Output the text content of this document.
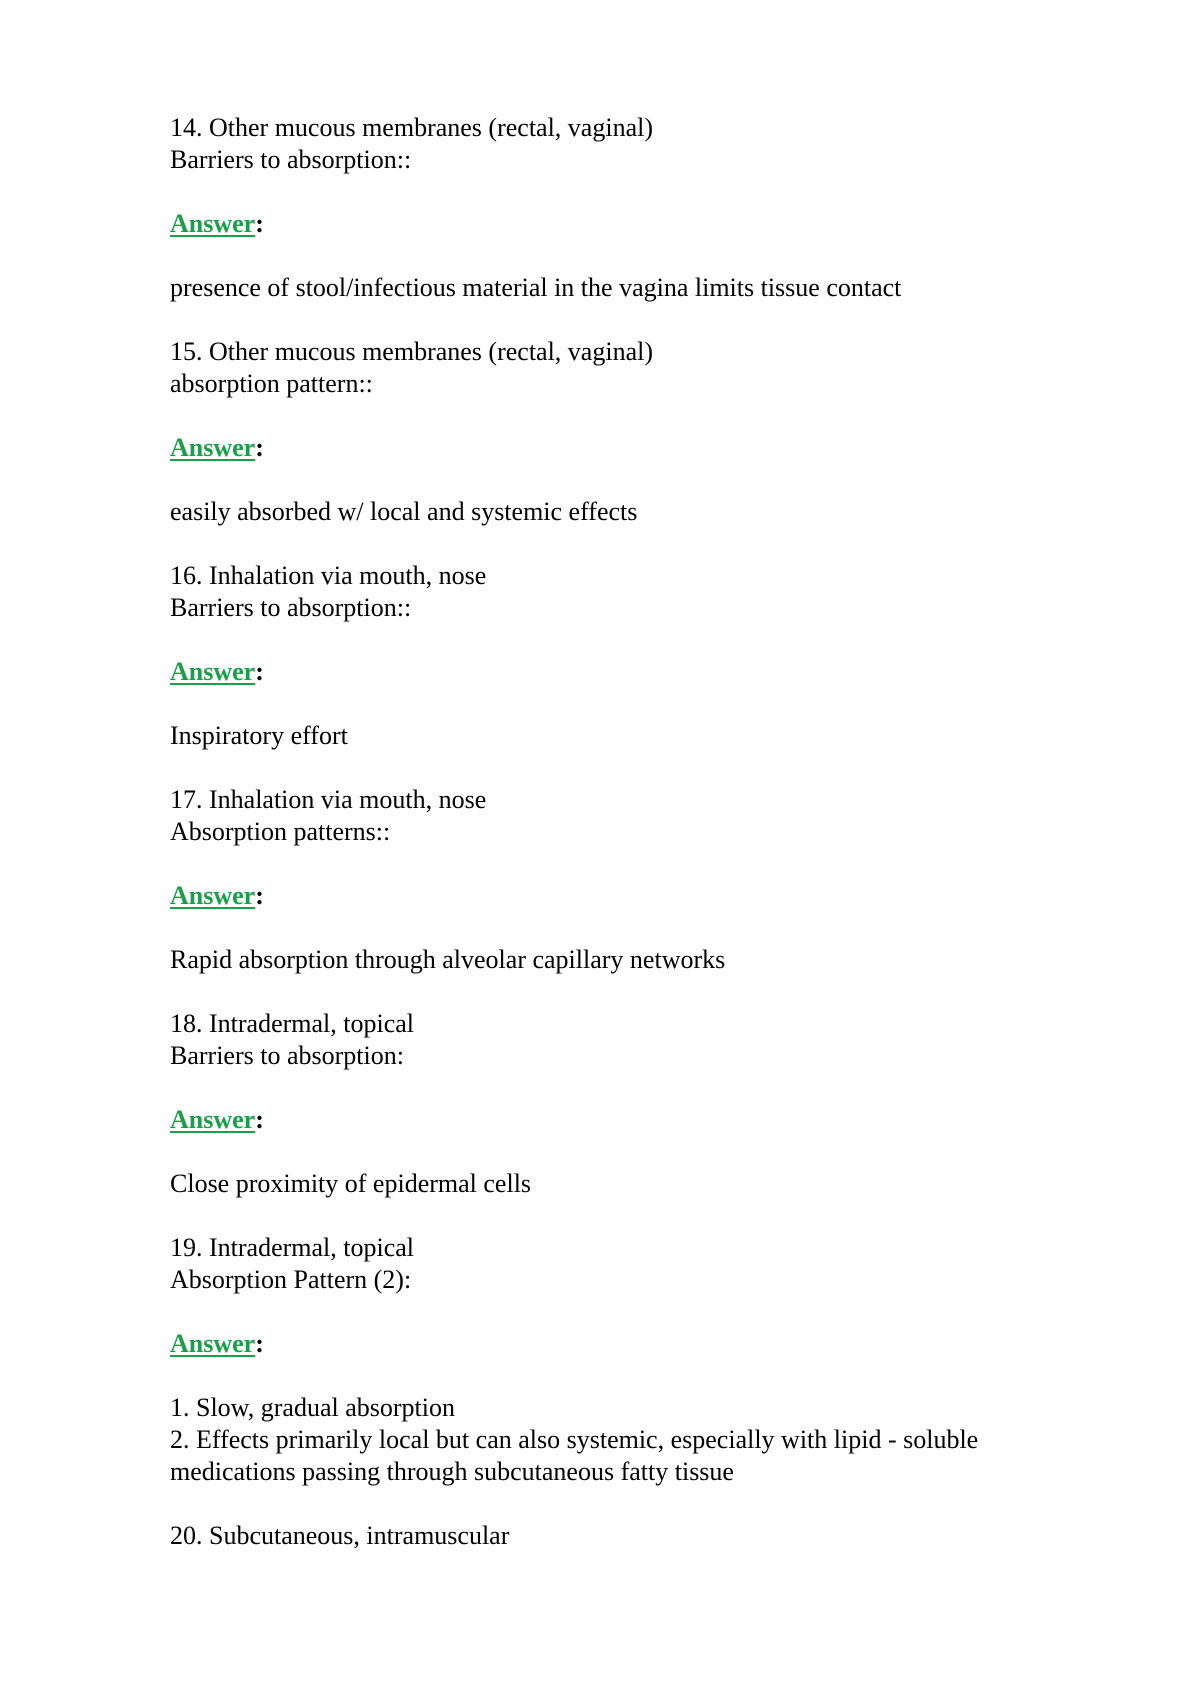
14. Other mucous membranes (rectal, vaginal)
Barriers to absorption::
Answer:
presence of stool/infectious material in the vagina limits tissue contact
15. Other mucous membranes (rectal, vaginal)
absorption pattern::
Answer:
easily absorbed w/ local and systemic effects
16. Inhalation via mouth, nose
Barriers to absorption::
Answer:
Inspiratory effort
17. Inhalation via mouth, nose
Absorption patterns::
Answer:
Rapid absorption through alveolar capillary networks
18. Intradermal, topical
Barriers to absorption:
Answer:
Close proximity of epidermal cells
19. Intradermal, topical
Absorption Pattern (2):
Answer:
1. Slow, gradual absorption
2. Effects primarily local but can also systemic, especially with lipid - soluble
medications passing through subcutaneous fatty tissue
20. Subcutaneous, intramuscular
